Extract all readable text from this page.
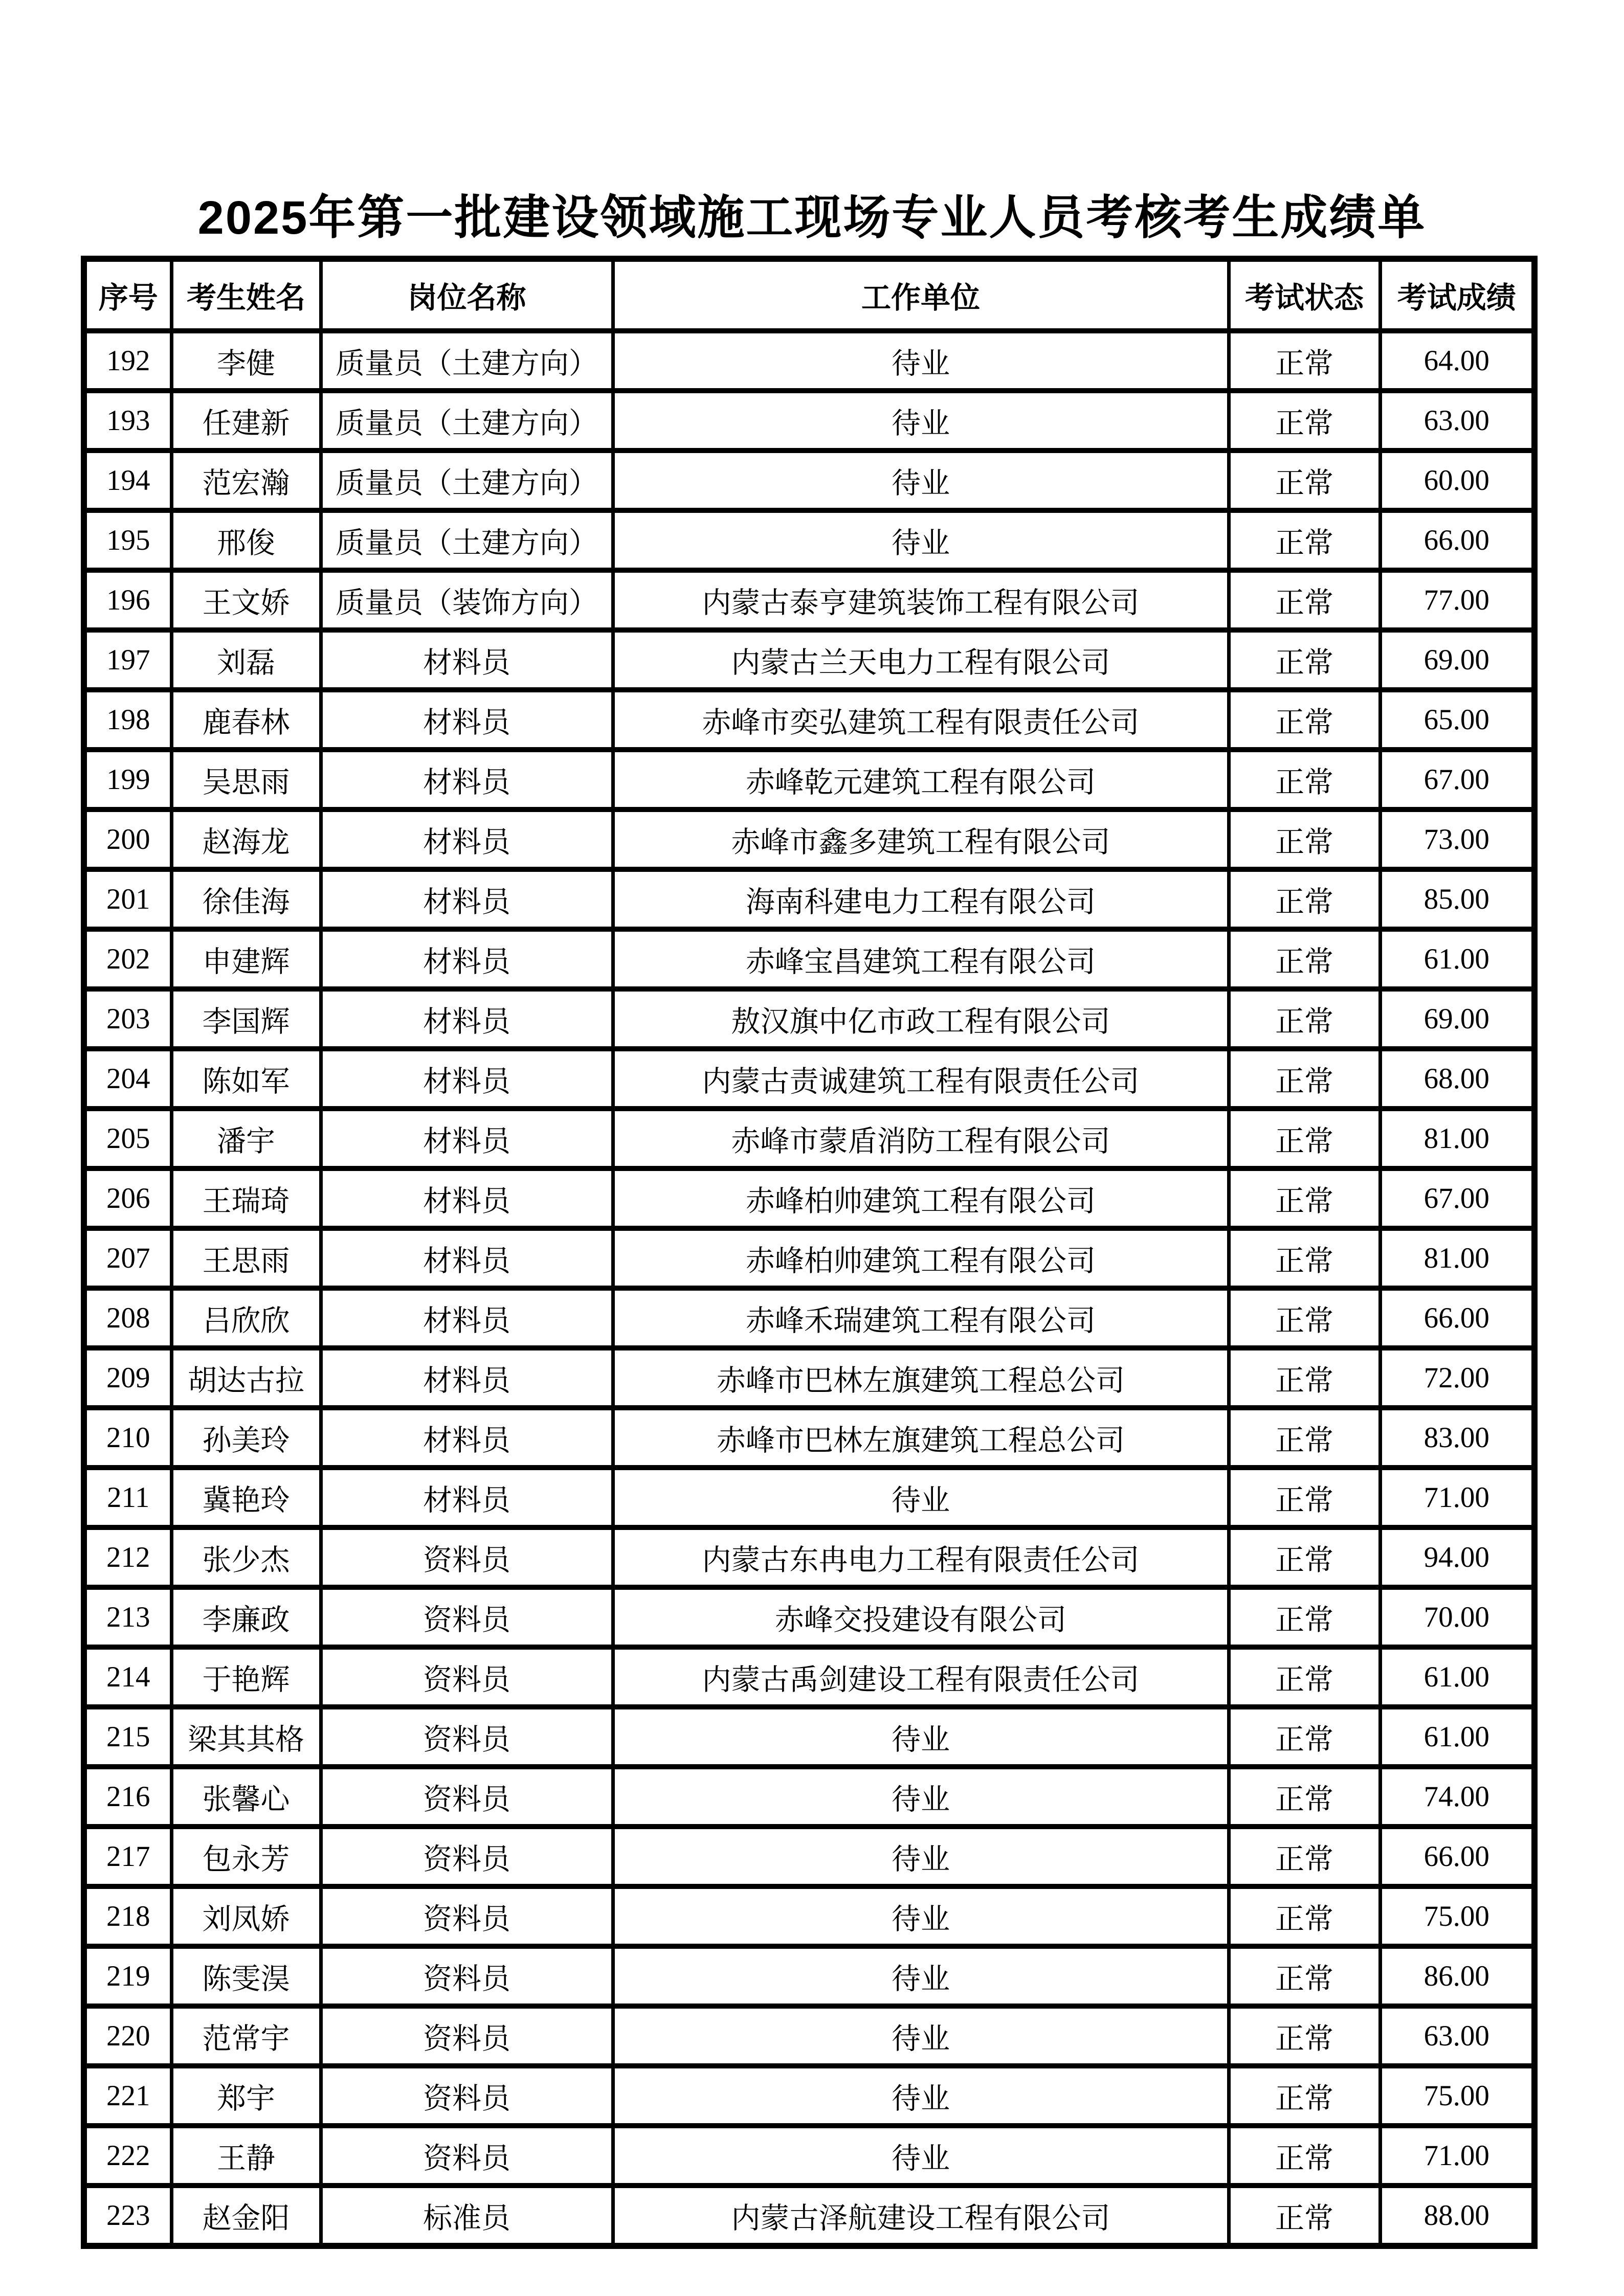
2025年第一批建设领域施工现场专业人员考核考生成绩单
序号	考生姓名	岗位名称	工作单位	考试状态	考试成绩
192	李健	质量员（土建方向）	待业	正常	64.00
193	任建新	质量员（土建方向）	待业	正常	63.00
194	范宏瀚	质量员（土建方向）	待业	正常	60.00
195	邢俊	质量员（土建方向）	待业	正常	66.00
196	王文娇	质量员（装饰方向）	内蒙古泰亨建筑装饰工程有限公司	正常	77.00
197	刘磊	材料员	内蒙古兰天电力工程有限公司	正常	69.00
198	鹿春林	材料员	赤峰市奕弘建筑工程有限责任公司	正常	65.00
199	吴思雨	材料员	赤峰乾元建筑工程有限公司	正常	67.00
200	赵海龙	材料员	赤峰市鑫多建筑工程有限公司	正常	73.00
201	徐佳海	材料员	海南科建电力工程有限公司	正常	85.00
202	申建辉	材料员	赤峰宝昌建筑工程有限公司	正常	61.00
203	李国辉	材料员	敖汉旗中亿市政工程有限公司	正常	69.00
204	陈如军	材料员	内蒙古责诚建筑工程有限责任公司	正常	68.00
205	潘宇	材料员	赤峰市蒙盾消防工程有限公司	正常	81.00
206	王瑞琦	材料员	赤峰柏帅建筑工程有限公司	正常	67.00
207	王思雨	材料员	赤峰柏帅建筑工程有限公司	正常	81.00
208	吕欣欣	材料员	赤峰禾瑞建筑工程有限公司	正常	66.00
209	胡达古拉	材料员	赤峰市巴林左旗建筑工程总公司	正常	72.00
210	孙美玲	材料员	赤峰市巴林左旗建筑工程总公司	正常	83.00
211	冀艳玲	材料员	待业	正常	71.00
212	张少杰	资料员	内蒙古东冉电力工程有限责任公司	正常	94.00
213	李廉政	资料员	赤峰交投建设有限公司	正常	70.00
214	于艳辉	资料员	内蒙古禹剑建设工程有限责任公司	正常	61.00
215	梁其其格	资料员	待业	正常	61.00
216	张馨心	资料员	待业	正常	74.00
217	包永芳	资料员	待业	正常	66.00
218	刘凤娇	资料员	待业	正常	75.00
219	陈雯淏	资料员	待业	正常	86.00
220	范常宇	资料员	待业	正常	63.00
221	郑宇	资料员	待业	正常	75.00
222	王静	资料员	待业	正常	71.00
223	赵金阳	标准员	内蒙古泽航建设工程有限公司	正常	88.00
